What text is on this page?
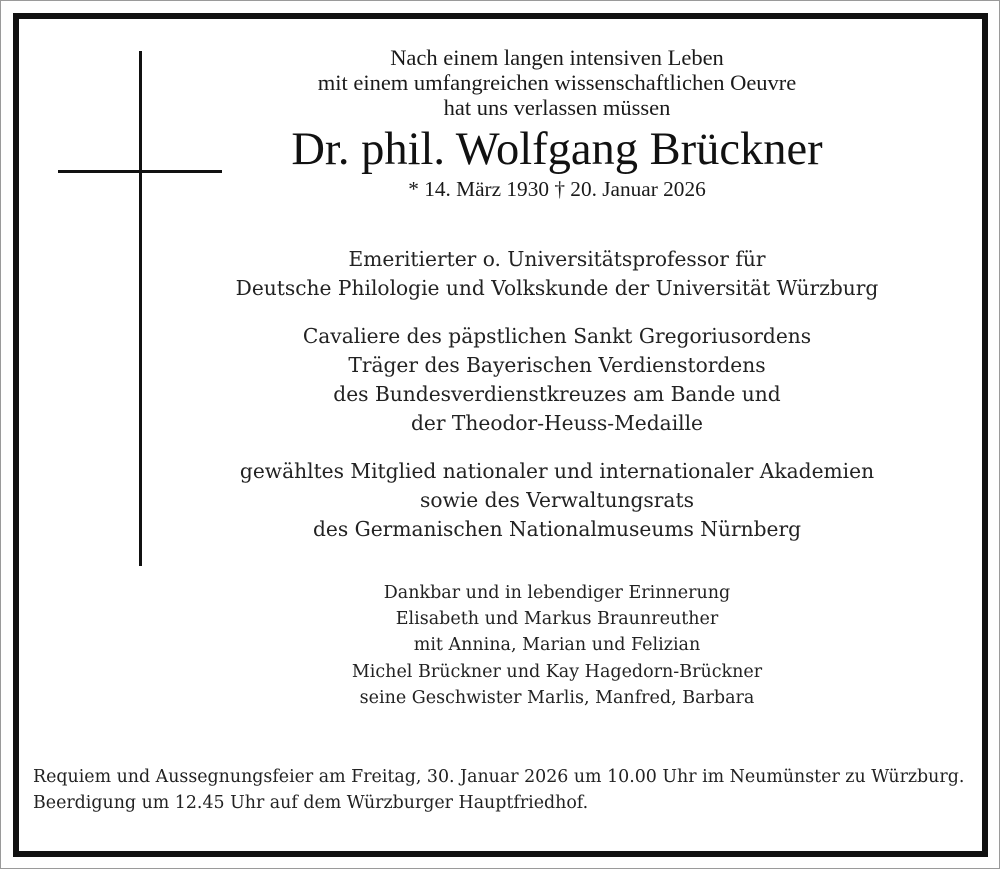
Nach einem langen intensiven Leben
mit einem umfangreichen wissenschaftlichen Oeuvre
hat uns verlassen müssen
Dr. phil. Wolfgang Brückner
* 14. März 1930 † 20. Januar 2026
Emeritierter o. Universitätsprofessor für
Deutsche Philologie und Volkskunde der Universität Würzburg
Cavaliere des päpstlichen Sankt Gregoriusordens
Träger des Bayerischen Verdienstordens
des Bundesverdienstkreuzes am Bande und
der Theodor-Heuss-Medaille
gewähltes Mitglied nationaler und internationaler Akademien
sowie des Verwaltungsrats
des Germanischen Nationalmuseums Nürnberg
Dankbar und in lebendiger Erinnerung
Elisabeth und Markus Braunreuther
mit Annina, Marian und Felizian
Michel Brückner und Kay Hagedorn-Brückner
seine Geschwister Marlis, Manfred, Barbara
Requiem und Aussegnungsfeier am Freitag, 30. Januar 2026 um 10.00 Uhr im Neumünster zu Würzburg.
Beerdigung um 12.45 Uhr auf dem Würzburger Hauptfriedhof.
